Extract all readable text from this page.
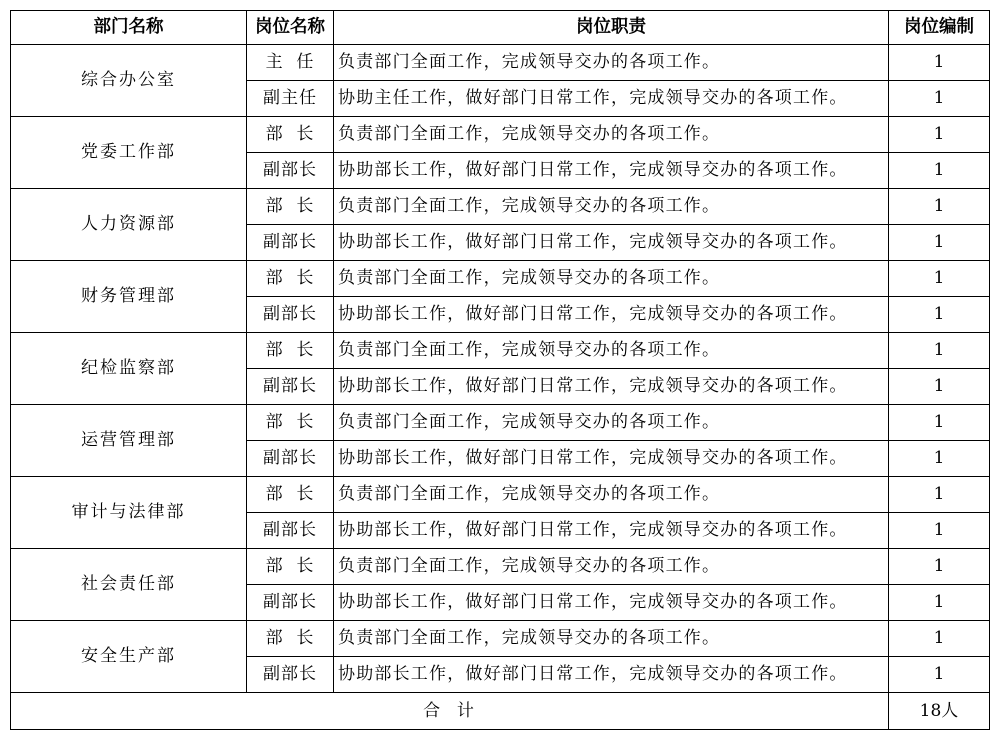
部门名称	岗位名称	岗位职责	岗位编制
综合办公室	主  任	负责部门全面工作，完成领导交办的各项工作。	1
	副主任	协助主任工作，做好部门日常工作，完成领导交办的各项工作。	1
党委工作部	部  长	负责部门全面工作，完成领导交办的各项工作。	1
	副部长	协助部长工作，做好部门日常工作，完成领导交办的各项工作。	1
人力资源部	部  长	负责部门全面工作，完成领导交办的各项工作。	1
	副部长	协助部长工作，做好部门日常工作，完成领导交办的各项工作。	1
财务管理部	部  长	负责部门全面工作，完成领导交办的各项工作。	1
	副部长	协助部长工作，做好部门日常工作，完成领导交办的各项工作。	1
纪检监察部	部  长	负责部门全面工作，完成领导交办的各项工作。	1
	副部长	协助部长工作，做好部门日常工作，完成领导交办的各项工作。	1
运营管理部	部  长	负责部门全面工作，完成领导交办的各项工作。	1
	副部长	协助部长工作，做好部门日常工作，完成领导交办的各项工作。	1
审计与法律部	部  长	负责部门全面工作，完成领导交办的各项工作。	1
	副部长	协助部长工作，做好部门日常工作，完成领导交办的各项工作。	1
社会责任部	部  长	负责部门全面工作，完成领导交办的各项工作。	1
	副部长	协助部长工作，做好部门日常工作，完成领导交办的各项工作。	1
安全生产部	部  长	负责部门全面工作，完成领导交办的各项工作。	1
	副部长	协助部长工作，做好部门日常工作，完成领导交办的各项工作。	1
合  计			18人
